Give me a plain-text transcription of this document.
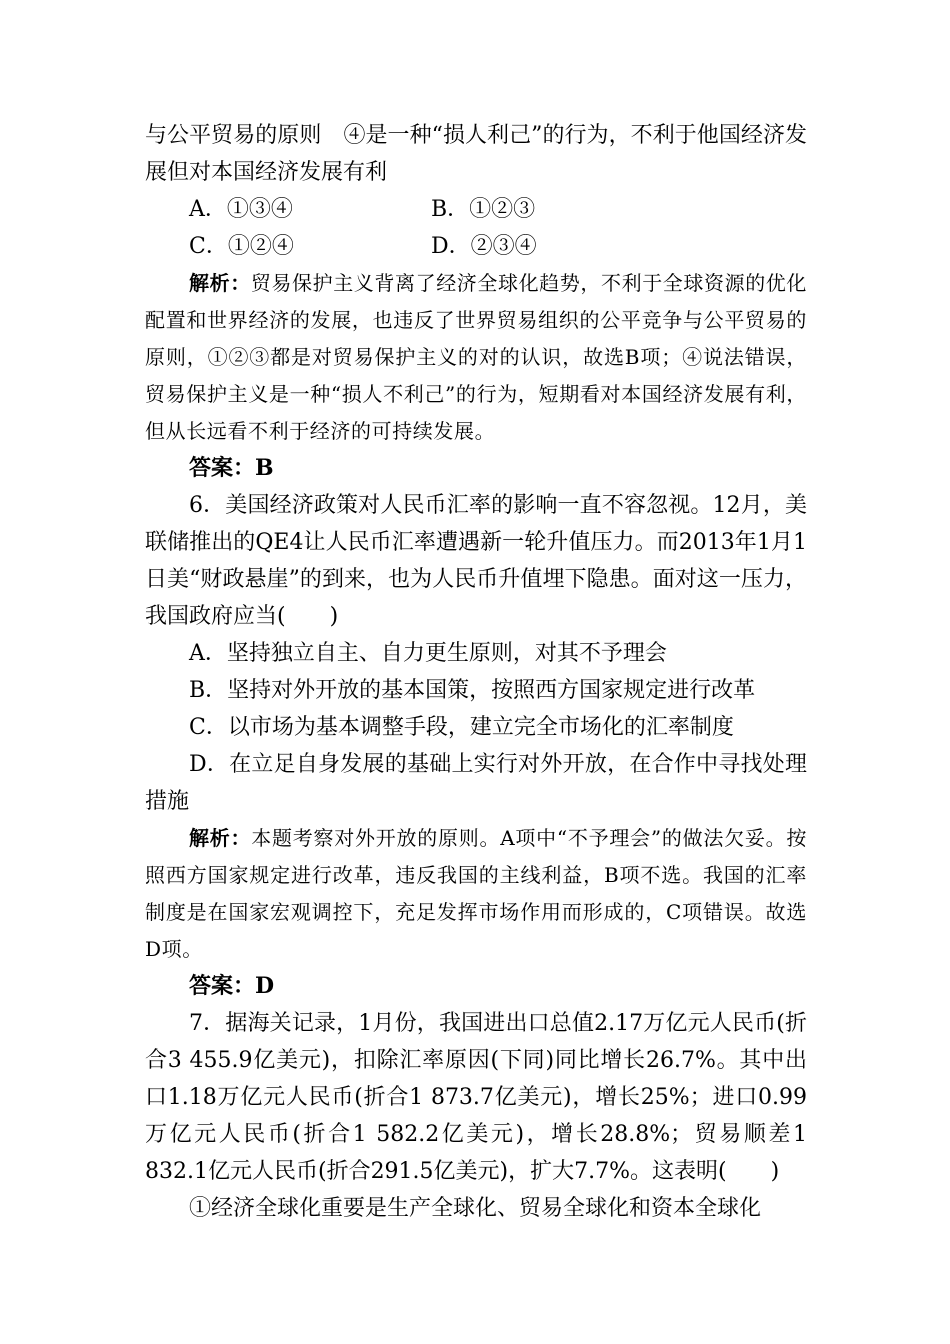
与公平贸易的原则　④是一种“损人利己”的行为，不利于他国经济发展但对本国经济发展有利

A．①③④	B．①②③
C．①②④	D．②③④

解析：贸易保护主义背离了经济全球化趋势，不利于全球资源的优化配置和世界经济的发展，也违反了世界贸易组织的公平竞争与公平贸易的原则，①②③都是对贸易保护主义的对的认识，故选B项；④说法错误，贸易保护主义是一种“损人不利己”的行为，短期看对本国经济发展有利，但从长远看不利于经济的可持续发展。

答案：B

6．美国经济政策对人民币汇率的影响一直不容忽视。12月，美联储推出的QE4让人民币汇率遭遇新一轮升值压力。而2013年1月1日美“财政悬崖”的到来，也为人民币升值埋下隐患。面对这一压力，我国政府应当(　　)

A．坚持独立自主、自力更生原则，对其不予理会

B．坚持对外开放的基本国策，按照西方国家规定进行改革

C．以市场为基本调整手段，建立完全市场化的汇率制度

D．在立足自身发展的基础上实行对外开放，在合作中寻找处理措施

解析：本题考察对外开放的原则。A项中“不予理会”的做法欠妥。按照西方国家规定进行改革，违反我国的主线利益，B项不选。我国的汇率制度是在国家宏观调控下，充足发挥市场作用而形成的，C项错误。故选D项。

答案：D

7．据海关记录，1月份，我国进出口总值2.17万亿元人民币(折合3 455.9亿美元)，扣除汇率原因(下同)同比增长26.7%。其中出口1.18万亿元人民币(折合1 873.7亿美元)，增长25%；进口0.99万亿元人民币(折合1 582.2亿美元)，增长28.8%；贸易顺差1 832.1亿元人民币(折合291.5亿美元)，扩大7.7%。这表明(　　)

①经济全球化重要是生产全球化、贸易全球化和资本全球化
